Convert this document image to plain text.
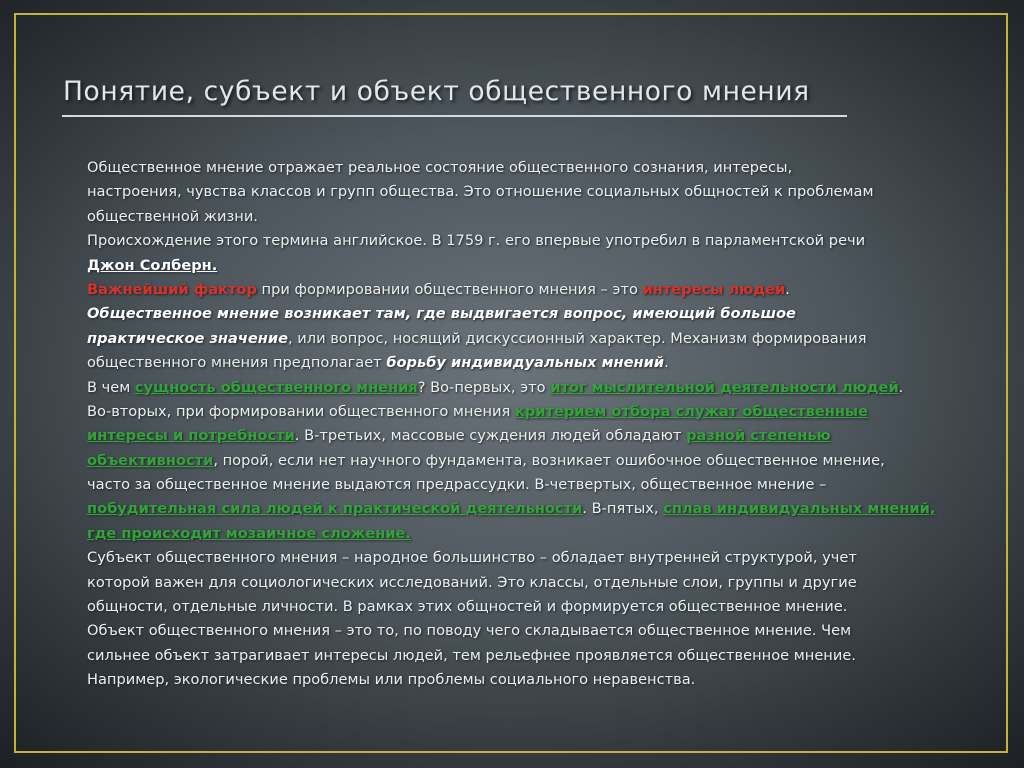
Понятие, субъект и объект общественного мнения
Общественное мнение отражает реальное состояние общественного сознания, интересы,
настроения, чувства классов и групп общества. Это отношение социальных общностей к проблемам
общественной жизни.
Происхождение этого термина английское. В 1759 г. его впервые употребил в парламентской речи
Джон Солберн.
Важнейший фактор при формировании общественного мнения – это интересы людей.
Общественное мнение возникает там, где выдвигается вопрос, имеющий большое
практическое значение, или вопрос, носящий дискуссионный характер. Механизм формирования
общественного мнения предполагает борьбу индивидуальных мнений.
В чем сущность общественного мнения? Во-первых, это итог мыслительной деятельности людей.
Во-вторых, при формировании общественного мнения критерием отбора служат общественные
интересы и потребности. В-третьих, массовые суждения людей обладают разной степенью
объективности, порой, если нет научного фундамента, возникает ошибочное общественное мнение,
часто за общественное мнение выдаются предрассудки. В-четвертых, общественное мнение –
побудительная сила людей к практической деятельности. В-пятых, сплав индивидуальных мнений,
где происходит мозаичное сложение.
Субъект общественного мнения – народное большинство – обладает внутренней структурой, учет
которой важен для социологических исследований. Это классы, отдельные слои, группы и другие
общности, отдельные личности. В рамках этих общностей и формируется общественное мнение.
Объект общественного мнения – это то, по поводу чего складывается общественное мнение. Чем
сильнее объект затрагивает интересы людей, тем рельефнее проявляется общественное мнение.
Например, экологические проблемы или проблемы социального неравенства.
